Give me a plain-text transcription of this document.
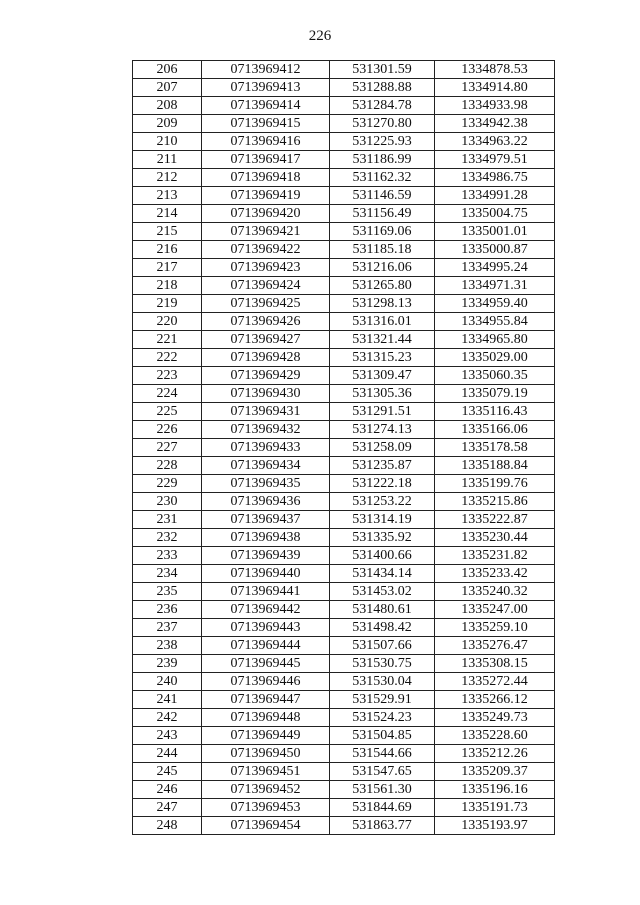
226
206	0713969412	531301.59	1334878.53
207	0713969413	531288.88	1334914.80
208	0713969414	531284.78	1334933.98
209	0713969415	531270.80	1334942.38
210	0713969416	531225.93	1334963.22
211	0713969417	531186.99	1334979.51
212	0713969418	531162.32	1334986.75
213	0713969419	531146.59	1334991.28
214	0713969420	531156.49	1335004.75
215	0713969421	531169.06	1335001.01
216	0713969422	531185.18	1335000.87
217	0713969423	531216.06	1334995.24
218	0713969424	531265.80	1334971.31
219	0713969425	531298.13	1334959.40
220	0713969426	531316.01	1334955.84
221	0713969427	531321.44	1334965.80
222	0713969428	531315.23	1335029.00
223	0713969429	531309.47	1335060.35
224	0713969430	531305.36	1335079.19
225	0713969431	531291.51	1335116.43
226	0713969432	531274.13	1335166.06
227	0713969433	531258.09	1335178.58
228	0713969434	531235.87	1335188.84
229	0713969435	531222.18	1335199.76
230	0713969436	531253.22	1335215.86
231	0713969437	531314.19	1335222.87
232	0713969438	531335.92	1335230.44
233	0713969439	531400.66	1335231.82
234	0713969440	531434.14	1335233.42
235	0713969441	531453.02	1335240.32
236	0713969442	531480.61	1335247.00
237	0713969443	531498.42	1335259.10
238	0713969444	531507.66	1335276.47
239	0713969445	531530.75	1335308.15
240	0713969446	531530.04	1335272.44
241	0713969447	531529.91	1335266.12
242	0713969448	531524.23	1335249.73
243	0713969449	531504.85	1335228.60
244	0713969450	531544.66	1335212.26
245	0713969451	531547.65	1335209.37
246	0713969452	531561.30	1335196.16
247	0713969453	531844.69	1335191.73
248	0713969454	531863.77	1335193.97
